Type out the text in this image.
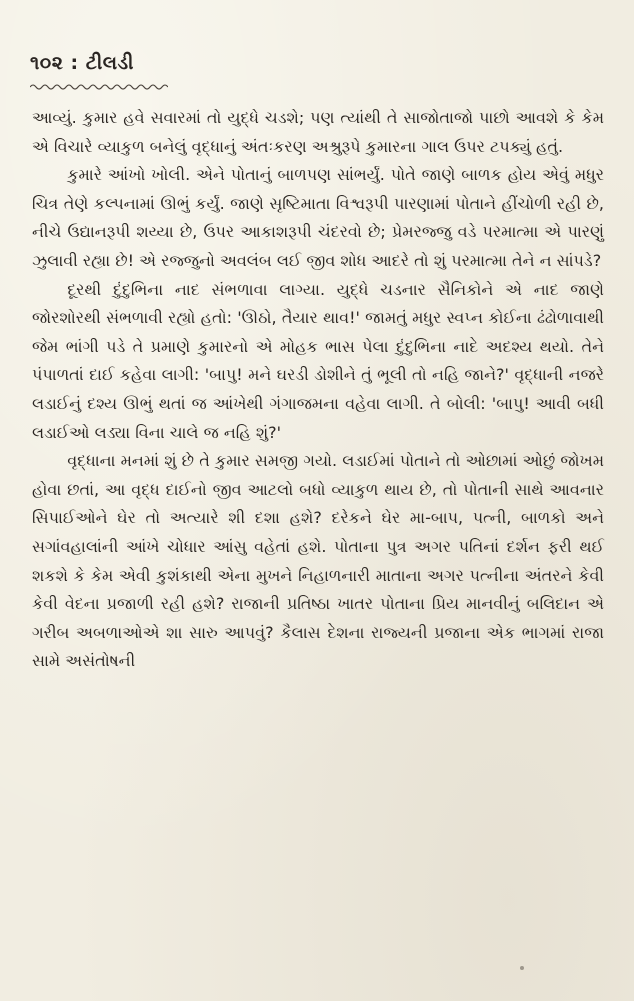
૧૦૨ : ટીલડી

આવ્યું. કુમાર હવે સવારમાં તો યુદ્ધે ચડશે; પણ ત્યાંથી તે સાજોતાજો પાછો આવશે કે કેમ એ વિચારે વ્યાકુળ બનેલું વૃદ્ધાનું અંતઃકરણ અશ્રુરૂપે કુમારના ગાલ ઉપર ટપક્યું હતું.

કુમારે આંખો ખોલી. એને પોતાનું બાળપણ સાંભર્યું. પોતે જાણે બાળક હોય એવું મધુર ચિત્ર તેણે કલ્પનામાં ઊભું કર્યું. જાણે સૃષ્ટિમાતા વિશ્વરૂપી પારણામાં પોતાને હીંચોળી રહી છે, નીચે ઉદ્યાનરૂપી શય્યા છે, ઉપર આકાશરૂપી ચંદરવો છે; પ્રેમરજ્જુ વડે પરમાત્મા એ પારણું ઝુલાવી રહ્યા છે! એ રજ્જુનો અવલંબ લઈ જીવ શોધ આદરે તો શું પરમાત્મા તેને ન સાંપડે?

દૂરથી દુંદુભિના નાદ સંભળાવા લાગ્યા. યુદ્ધે ચડનાર સૈનિકોને એ નાદ જાણે જોરશોરથી સંભળાવી રહ્યો હતો: 'ઊઠો, તૈયાર થાવ!' જામતું મધુર સ્વપ્ન કોઈના ઢંઢોળાવાથી જેમ ભાંગી પડે તે પ્રમાણે કુમારનો એ મોહક ભાસ પેલા દુંદુભિના નાદે અદશ્ય થયો. તેને પંપાળતાં દાઈ કહેવા લાગી: 'બાપુ! મને ઘરડી ડોશીને તું ભૂલી તો નહિ જાને?' વૃદ્ધાની નજરે લડાઈનું દશ્ય ઊભું થતાં જ આંખેથી ગંગાજમના વહેવા લાગી. તે બોલી: 'બાપુ! આવી બધી લડાઈઓ લડ્યા વિના ચાલે જ નહિ શું?'

વૃદ્ધાના મનમાં શું છે તે કુમાર સમજી ગયો. લડાઈમાં પોતાને તો ઓછામાં ઓછું જોખમ હોવા છતાં, આ વૃદ્ધ દાઈનો જીવ આટલો બધો વ્યાકુળ થાય છે, તો પોતાની સાથે આવનાર સિપાઈઓને ઘેર તો અત્યારે શી દશા હશે? દરેકને ઘેર મા-બાપ, પત્ની, બાળકો અને સગાંવહાલાંની આંખે ચોધાર આંસુ વહેતાં હશે. પોતાના પુત્ર અગર પતિનાં દર્શન ફરી થઈ શકશે કે કેમ એવી કુશંકાથી એના મુખને નિહાળનારી માતાના અગર પત્નીના અંતરને કેવી કેવી વેદના પ્રજાળી રહી હશે? રાજાની પ્રતિષ્ઠા ખાતર પોતાના પ્રિય માનવીનું બલિદાન એ ગરીબ અબળાઓએ શા સારુ આપવું? કૈલાસ દેશના રાજ્યની પ્રજાના એક ભાગમાં રાજા સામે અસંતોષની
